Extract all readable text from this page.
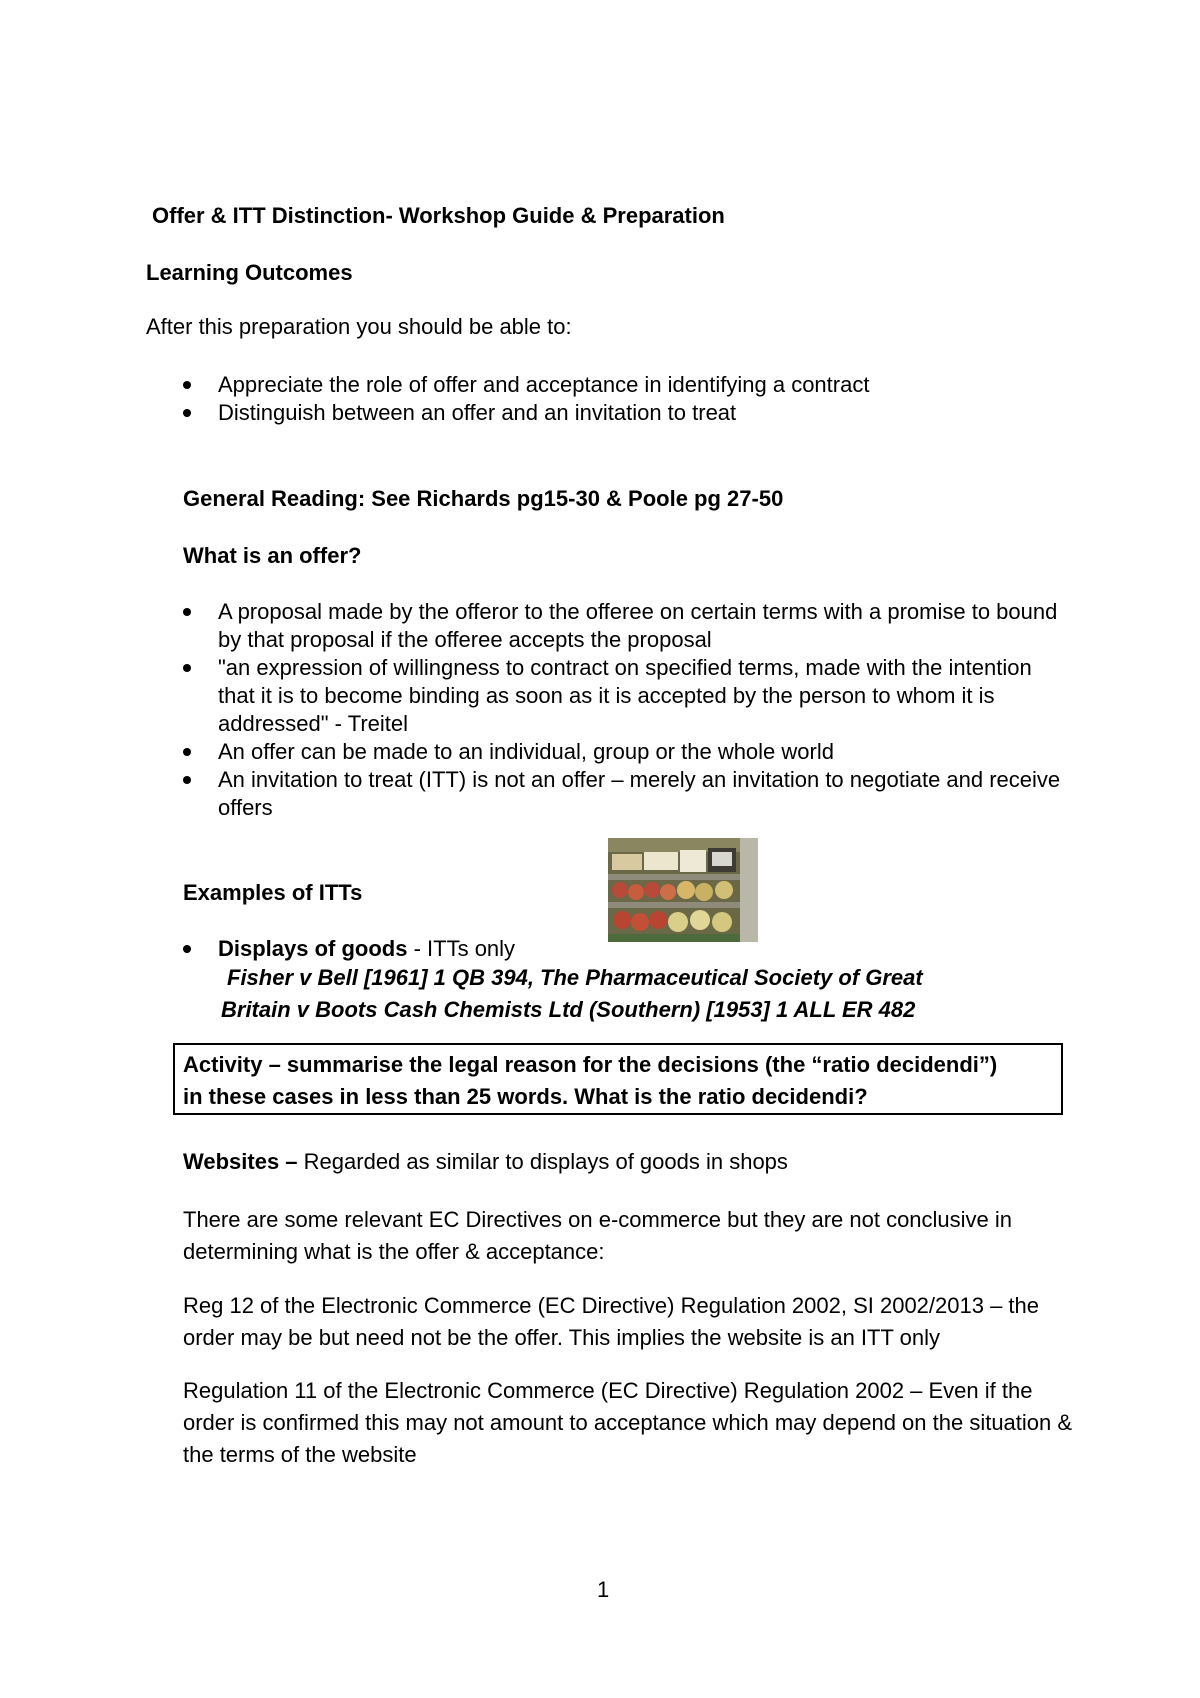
Offer & ITT Distinction- Workshop Guide & Preparation
Learning Outcomes
After this preparation you should be able to:
Appreciate the role of offer and acceptance in identifying a contract
Distinguish between an offer and an invitation to treat
General Reading: See Richards pg15-30 & Poole pg 27-50
What is an offer?
A proposal made by the offeror to the offeree on certain terms with a promise to bound by that proposal if the offeree accepts the proposal
"an expression of willingness to contract on specified terms, made with the intention that it is to become binding as soon as it is accepted by the person to whom it is addressed" - Treitel
An offer can be made to an individual, group or the whole world
An invitation to treat (ITT) is not an offer – merely an invitation to negotiate and receive offers
Examples of ITTs
Displays of goods - ITTs only
Fisher v Bell [1961] 1 QB 394, The Pharmaceutical Society of Great
Britain v Boots Cash Chemists Ltd (Southern) [1953] 1 ALL ER 482
Activity – summarise the legal reason for the decisions (the “ratio decidendi”)
in these cases in less than 25 words. What is the ratio decidendi?
Websites – Regarded as similar to displays of goods in shops
There are some relevant EC Directives on e-commerce but they are not conclusive in determining what is the offer & acceptance:
Reg 12 of the Electronic Commerce (EC Directive) Regulation 2002, SI 2002/2013 – the order may be but need not be the offer. This implies the website is an ITT only
Regulation 11 of the Electronic Commerce (EC Directive) Regulation 2002 – Even if the order is confirmed this may not amount to acceptance which may depend on the situation & the terms of the website
1
